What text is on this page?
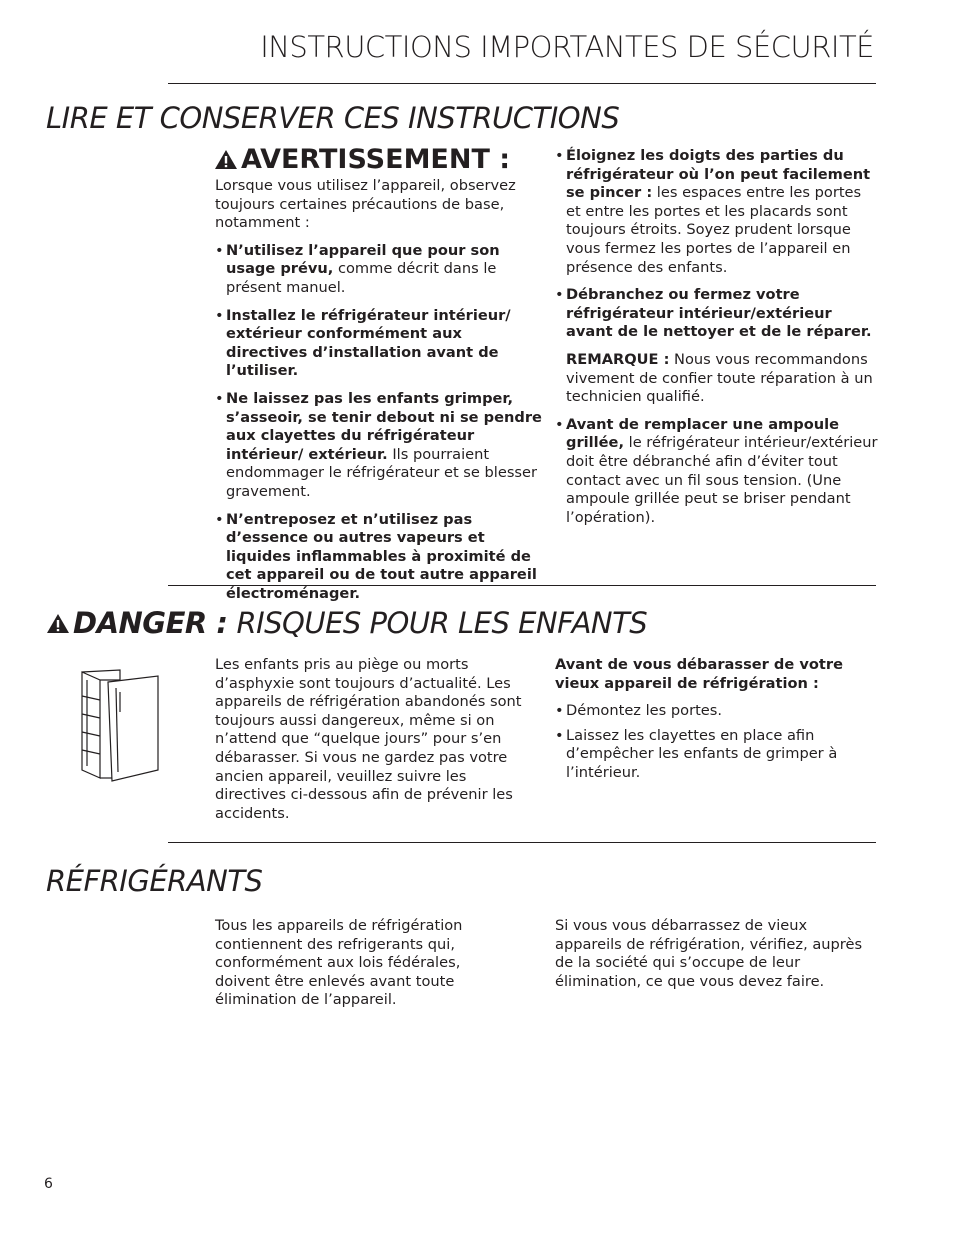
INSTRUCTIONS IMPORTANTES DE SÉCURITÉ
LIRE ET CONSERVER CES INSTRUCTIONS
AVERTISSEMENT :

Lorsque vous utilisez l’appareil, observez toujours certaines précautions de base, notamment :

• N’utilisez l’appareil que pour son usage prévu, comme décrit dans le présent manuel.
• Installez le réfrigérateur intérieur/ extérieur conformément aux directives d’installation avant de l’utiliser.
• Ne laissez pas les enfants grimper, s’asseoir, se tenir debout ni se pendre aux clayettes du réfrigérateur intérieur/ extérieur. Ils pourraient endommager le réfrigérateur et se blesser gravement.
• N’entreposez et n’utilisez pas d’essence ou autres vapeurs et liquides inflammables à proximité de cet appareil ou de tout autre appareil électroménager.
• Éloignez les doigts des parties du réfrigérateur où l’on peut facilement se pincer : les espaces entre les portes et entre les portes et les placards sont toujours étroits. Soyez prudent lorsque vous fermez les portes de l’appareil en présence des enfants.
• Débranchez ou fermez votre réfrigérateur intérieur/extérieur avant de le nettoyer et de le réparer.

REMARQUE : Nous vous recommandons vivement de confier toute réparation à un technicien qualifié.

• Avant de remplacer une ampoule grillée, le réfrigérateur intérieur/extérieur doit être débranché afin d’éviter tout contact avec un fil sous tension. (Une ampoule grillée peut se briser pendant l’opération).
DANGER : RISQUES POUR LES ENFANTS
Les enfants pris au piège ou morts d’asphyxie sont toujours d’actualité. Les appareils de réfrigération abandonés sont toujours aussi dangereux, même si on n’attend que “quelque jours” pour s’en débarasser. Si vous ne gardez pas votre ancien appareil, veuillez suivre les directives ci-dessous afin de prévenir les accidents.

Avant de vous débarasser de votre vieux appareil de réfrigération :

• Démontez les portes.
• Laissez les clayettes en place afin d’empêcher les enfants de grimper à l’intérieur.
RÉFRIGÉRANTS
Tous les appareils de réfrigération contiennent des refrigerants qui, conformément aux lois fédérales, doivent être enlevés avant toute élimination de l’appareil.
Si vous vous débarrassez de vieux appareils de réfrigération, vérifiez, auprès de la société qui s’occupe de leur élimination, ce que vous devez faire.
6
